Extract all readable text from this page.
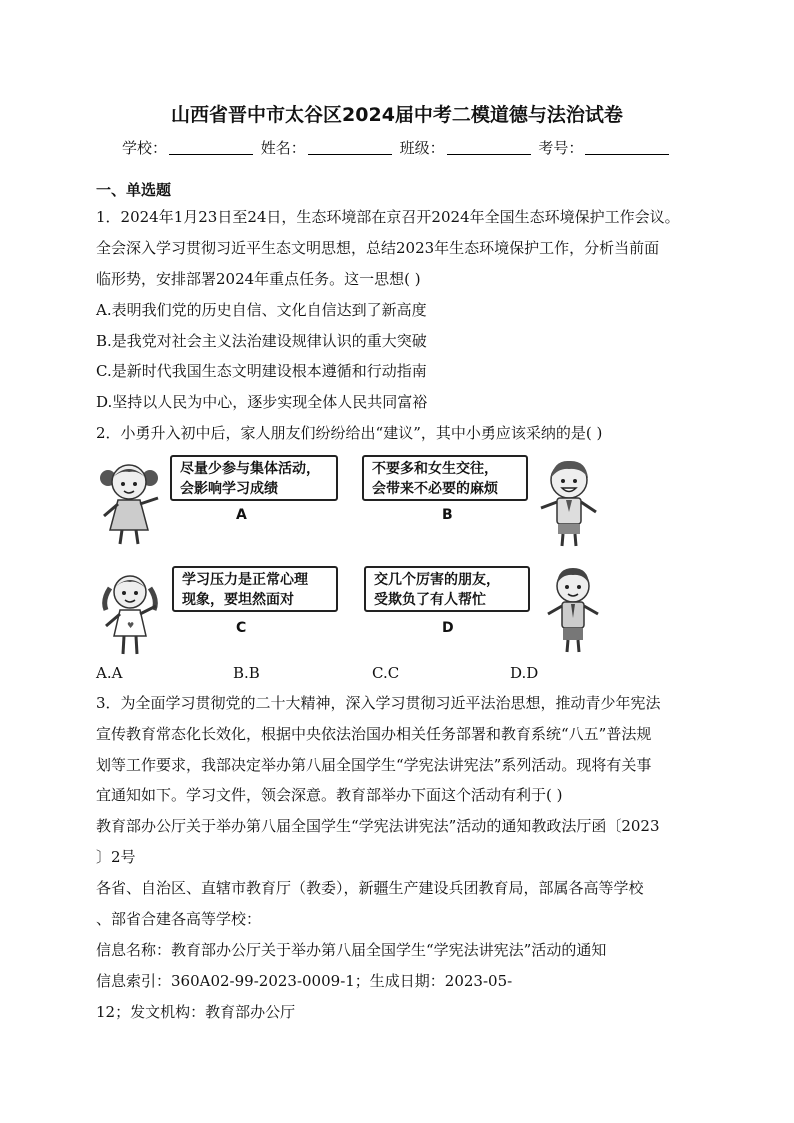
山西省晋中市太谷区2024届中考二模道德与法治试卷
学校：	姓名：	班级：	考号：
一、单选题
1．2024年1月23日至24日，生态环境部在京召开2024年全国生态环境保护工作会议。
全会深入学习贯彻习近平生态文明思想，总结2023年生态环境保护工作，分析当前面
临形势，安排部署2024年重点任务。这一思想( )
A.表明我们党的历史自信、文化自信达到了新高度
B.是我党对社会主义法治建设规律认识的重大突破
C.是新时代我国生态文明建设根本遵循和行动指南
D.坚持以人民为中心，逐步实现全体人民共同富裕
2．小勇升入初中后，家人朋友们纷纷给出“建议”，其中小勇应该采纳的是( )
尽量少参与集体活动，
会影响学习成绩
A
不要多和女生交往，
会带来不必要的麻烦
B
学习压力是正常心理
现象，要坦然面对
C
交几个厉害的朋友，
受欺负了有人帮忙
D
♥
A.A	B.B	C.C	D.D
3．为全面学习贯彻党的二十大精神，深入学习贯彻习近平法治思想，推动青少年宪法
宣传教育常态化长效化，根据中央依法治国办相关任务部署和教育系统“八五”普法规
划等工作要求，我部决定举办第八届全国学生“学宪法讲宪法”系列活动。现将有关事
宜通知如下。学习文件，领会深意。教育部举办下面这个活动有利于( )
教育部办公厅关于举办第八届全国学生“学宪法讲宪法”活动的通知教政法厅函〔2023
〕2号
各省、自治区、直辖市教育厅（教委），新疆生产建设兵团教育局，部属各高等学校
、部省合建各高等学校：
信息名称：教育部办公厅关于举办第八届全国学生“学宪法讲宪法”活动的通知
信息索引：360A02-99-2023-0009-1；生成日期：2023-05-
12；发文机构：教育部办公厅
